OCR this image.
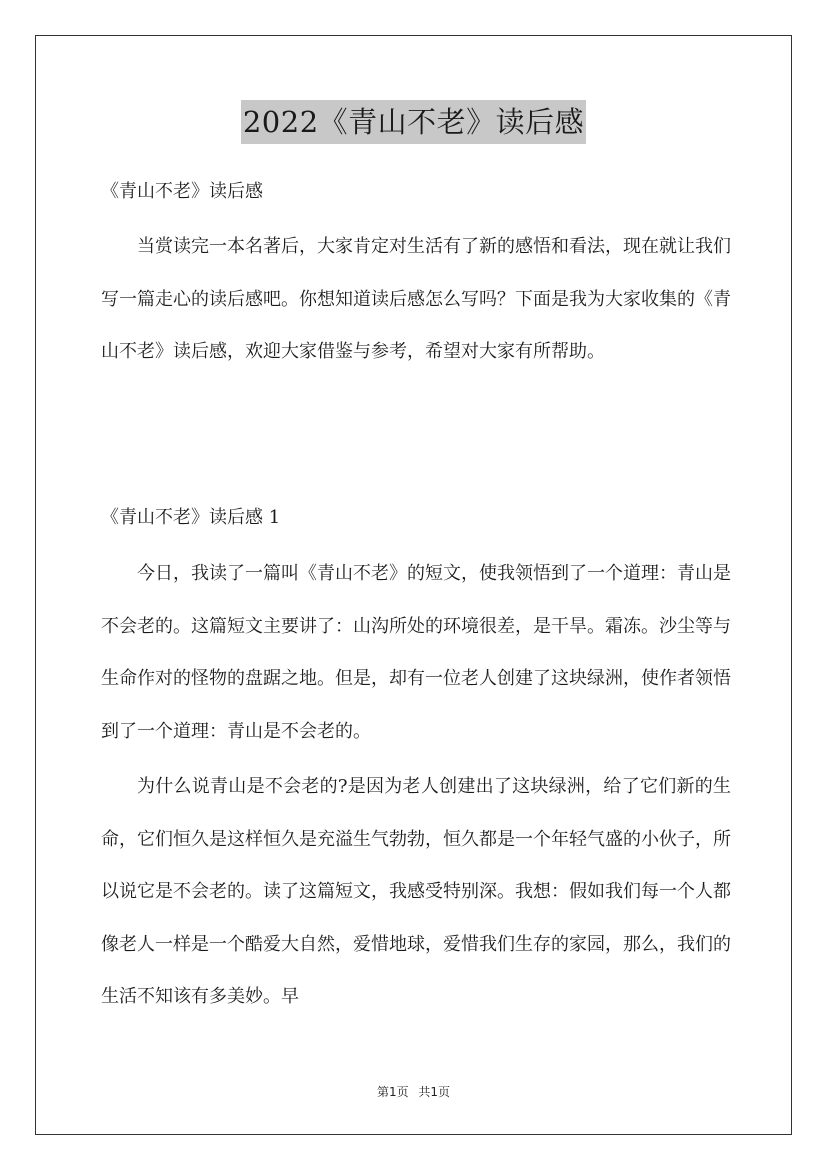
2022《青山不老》读后感
《青山不老》读后感

当赏读完一本名著后，大家肯定对生活有了新的感悟和看法，现在就让我们写一篇走心的读后感吧。你想知道读后感怎么写吗？下面是我为大家收集的《青山不老》读后感，欢迎大家借鉴与参考，希望对大家有所帮助。

《青山不老》读后感 1

今日，我读了一篇叫《青山不老》的短文，使我领悟到了一个道理：青山是不会老的。这篇短文主要讲了：山沟所处的环境很差，是干旱。霜冻。沙尘等与生命作对的怪物的盘踞之地。但是，却有一位老人创建了这块绿洲，使作者领悟到了一个道理：青山是不会老的。

为什么说青山是不会老的?是因为老人创建出了这块绿洲，给了它们新的生命，它们恒久是这样恒久是充溢生气勃勃，恒久都是一个年轻气盛的小伙子，所以说它是不会老的。读了这篇短文，我感受特别深。我想：假如我们每一个人都像老人一样是一个酷爱大自然，爱惜地球，爱惜我们生存的家园，那么，我们的生活不知该有多美妙。早

第1页 共1页
